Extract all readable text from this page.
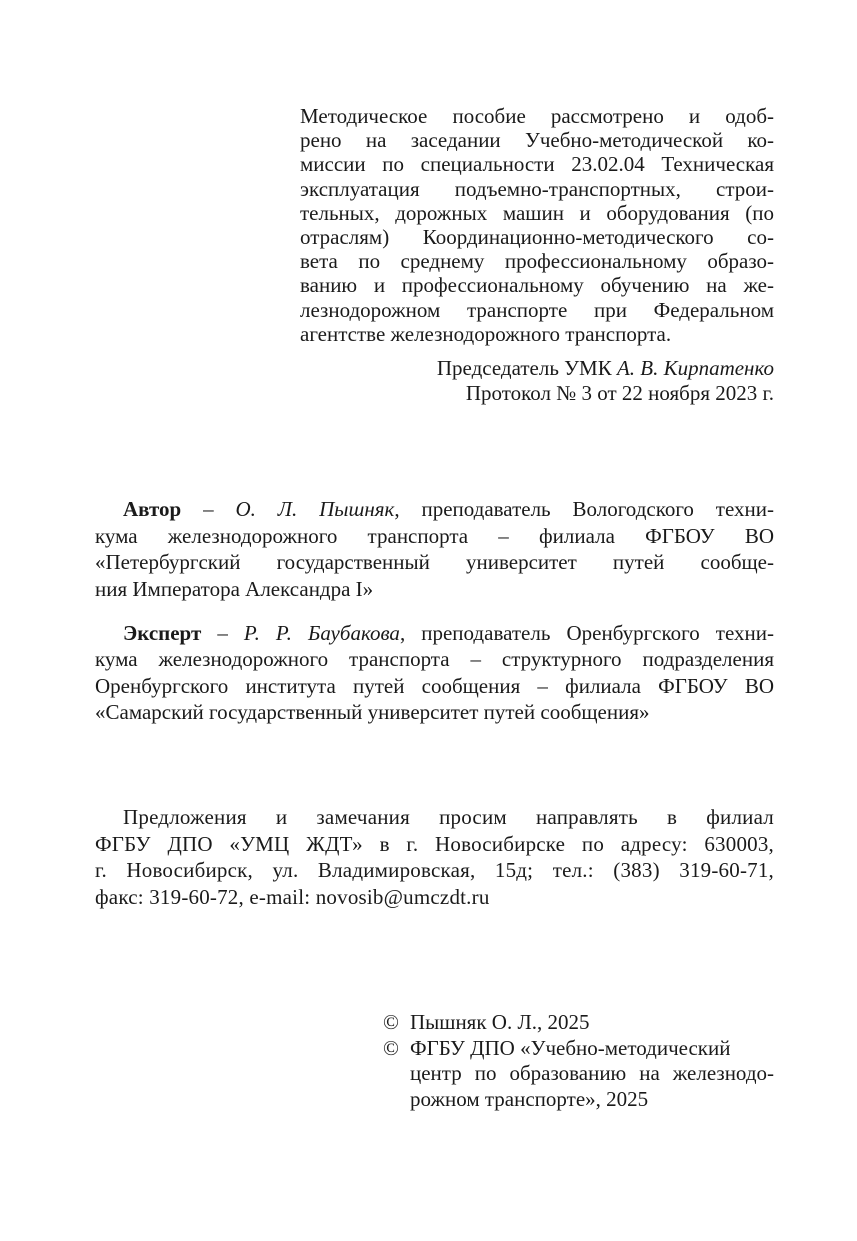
Методическое пособие рассмотрено и одоб-
рено на заседании Учебно-методической ко-
миссии по специальности 23.02.04 Техническая
эксплуатация подъемно-транспортных, строи-
тельных, дорожных машин и оборудования (по
отраслям) Координационно-методического со-
вета по среднему профессиональному образо-
ванию и профессиональному обучению на же-
лезнодорожном транспорте при Федеральном
агентстве железнодорожного транспорта.
Председатель УМК А. В. Кирпатенко
Протокол № 3 от 22 ноября 2023 г.
Автор – О. Л. Пышняк, преподаватель Вологодского техни-
кума железнодорожного транспорта – филиала ФГБОУ ВО
«Петербургский государственный университет путей сообще-
ния Императора Александра I»
Эксперт – Р. Р. Баубакова, преподаватель Оренбургского техни-
кума железнодорожного транспорта – структурного подразделения
Оренбургского института путей сообщения – филиала ФГБОУ ВО
«Самарский государственный университет путей сообщения»
Предложения и замечания просим направлять в филиал
ФГБУ ДПО «УМЦ ЖДТ» в г. Новосибирске по адресу: 630003,
г. Новосибирск, ул. Владимировская, 15д; тел.: (383) 319-60-71,
факс: 319-60-72, e-mail: novosib@umczdt.ru
© Пышняк О. Л., 2025
© ФГБУ ДПО «Учебно-методический
центр по образованию на железнодо-
рожном транспорте», 2025
